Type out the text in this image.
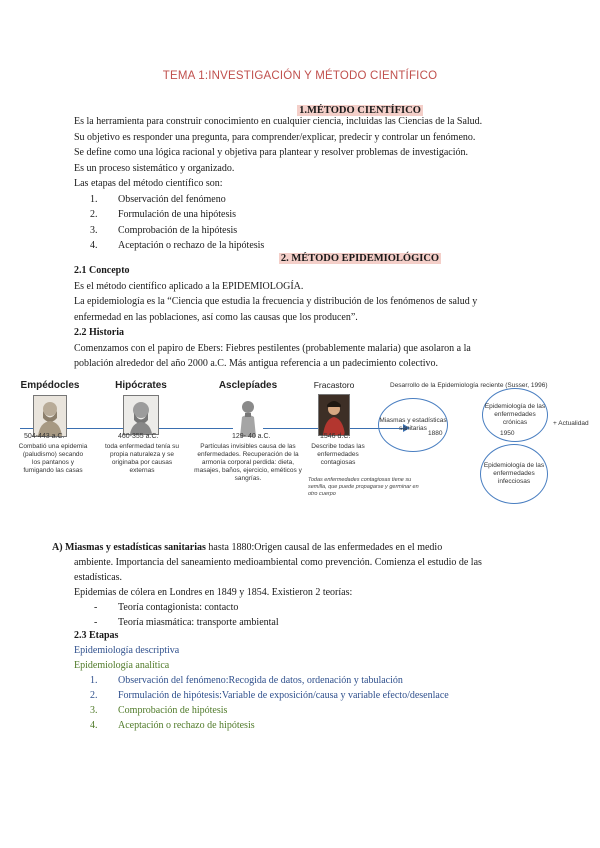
TEMA 1:INVESTIGACIÓN Y MÉTODO CIENTÍFICO
1.MÉTODO CIENTÍFICO

Es la herramienta para construir conocimiento en cualquier ciencia, incluidas las Ciencias de la Salud.

Su objetivo es responder una pregunta, para comprender/explicar, predecir y controlar un fenómeno.

Se define como una lógica racional y objetiva para plantear y resolver problemas de investigación.

Es un proceso sistemático y organizado.

Las etapas del método científico son:

1. Observación del fenómeno
2. Formulación de una hipótesis
3. Comprobación de la hipótesis
4. Aceptación o rechazo de la hipótesis
2. MÉTODO EPIDEMIOLÓGICO

2.1 Concepto

Es el método científico aplicado a la EPIDEMIOLOGÍA.

La epidemiología es la “Ciencia que estudia la frecuencia y distribución de los fenómenos de salud y

enfermedad en las poblaciones, así como las causas que los producen”.

2.2 Historia

Comenzamos con el papiro de Ebers: Fiebres pestilentes (probablemente malaria) que asolaron a la

población alrededor del año 2000 a.C. Más antigua referencia a un padecimiento colectivo.

Empédocles
504-443 a.C.
Combatió una epidemia (paludismo) secando los pantanos y fumigando las casas
Hipócrates
460-355 a.C.
toda enfermedad tenía su propia naturaleza y se originaba por causas externas
Asclepíades
129- 40 a.C.
Partículas invisibles causa de las enfermedades. Recuperación de la armonía corporal perdida: dieta, masajes, baños, ejercicio, eméticos y sangrías.
Fracastoro
1546 d.C.
Describe todas las enfermedades contagiosas
Todas enfermedades contagiosas tiene su semilla, que puede propagarse y germinar en otro cuerpo
Desarrollo de la Epidemiología reciente (Susser, 1996)
Miasmas y estadísticas sanitarias
Epidemiología de las enfermedades crónicas	+ Actualidad
1880	1950
Epidemiología de las enfermedades infecciosas

A) Miasmas y estadísticas sanitarias hasta 1880:Origen causal de las enfermedades en el medio

ambiente. Importancia del saneamiento medioambiental como prevención. Comienza el estudio de las

estadísticas.

Epidemias de cólera en Londres en 1849 y 1854. Existieron 2 teorías:

- Teoría contagionista: contacto
- Teoría miasmática: transporte ambiental

2.3 Etapas

Epidemiología descriptiva

Epidemiología analítica

1. Observación del fenómeno:Recogida de datos, ordenación y tabulación
2. Formulación de hipótesis:Variable de exposición/causa y variable efecto/desenlace
3. Comprobación de hipótesis
4. Aceptación o rechazo de hipótesis
